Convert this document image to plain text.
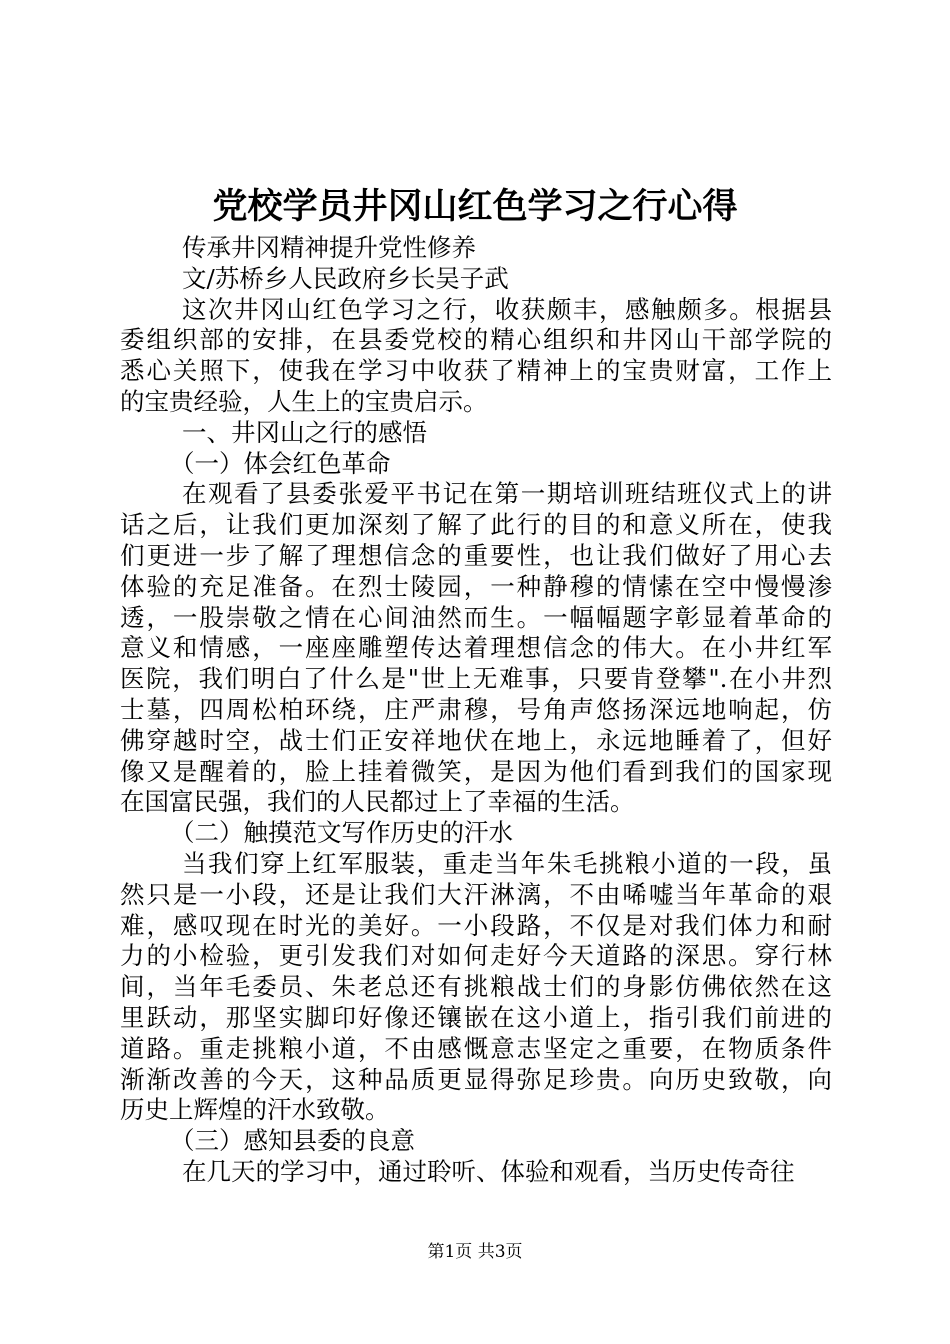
党校学员井冈山红色学习之行心得
传承井冈精神提升党性修养
文/苏桥乡人民政府乡长吴子武
这次井冈山红色学习之行，收获颇丰，感触颇多。根据县
委组织部的安排，在县委党校的精心组织和井冈山干部学院的
悉心关照下，使我在学习中收获了精神上的宝贵财富，工作上
的宝贵经验，人生上的宝贵启示。
一、井冈山之行的感悟
（一）体会红色革命
在观看了县委张爱平书记在第一期培训班结班仪式上的讲
话之后，让我们更加深刻了解了此行的目的和意义所在，使我
们更进一步了解了理想信念的重要性，也让我们做好了用心去
体验的充足准备。在烈士陵园，一种静穆的情愫在空中慢慢渗
透，一股崇敬之情在心间油然而生。一幅幅题字彰显着革命的
意义和情感，一座座雕塑传达着理想信念的伟大。在小井红军
医院，我们明白了什么是"世上无难事，只要肯登攀".在小井烈
士墓，四周松柏环绕，庄严肃穆，号角声悠扬深远地响起，仿
佛穿越时空，战士们正安祥地伏在地上，永远地睡着了，但好
像又是醒着的，脸上挂着微笑，是因为他们看到我们的国家现
在国富民强，我们的人民都过上了幸福的生活。
（二）触摸范文写作历史的汗水
当我们穿上红军服装，重走当年朱毛挑粮小道的一段，虽
然只是一小段，还是让我们大汗淋漓，不由唏嘘当年革命的艰
难，感叹现在时光的美好。一小段路，不仅是对我们体力和耐
力的小检验，更引发我们对如何走好今天道路的深思。穿行林
间，当年毛委员、朱老总还有挑粮战士们的身影仿佛依然在这
里跃动，那坚实脚印好像还镶嵌在这小道上，指引我们前进的
道路。重走挑粮小道，不由感慨意志坚定之重要，在物质条件
渐渐改善的今天，这种品质更显得弥足珍贵。向历史致敬，向
历史上辉煌的汗水致敬。
（三）感知县委的良意
在几天的学习中，通过聆听、体验和观看，当历史传奇往
第1页 共3页
